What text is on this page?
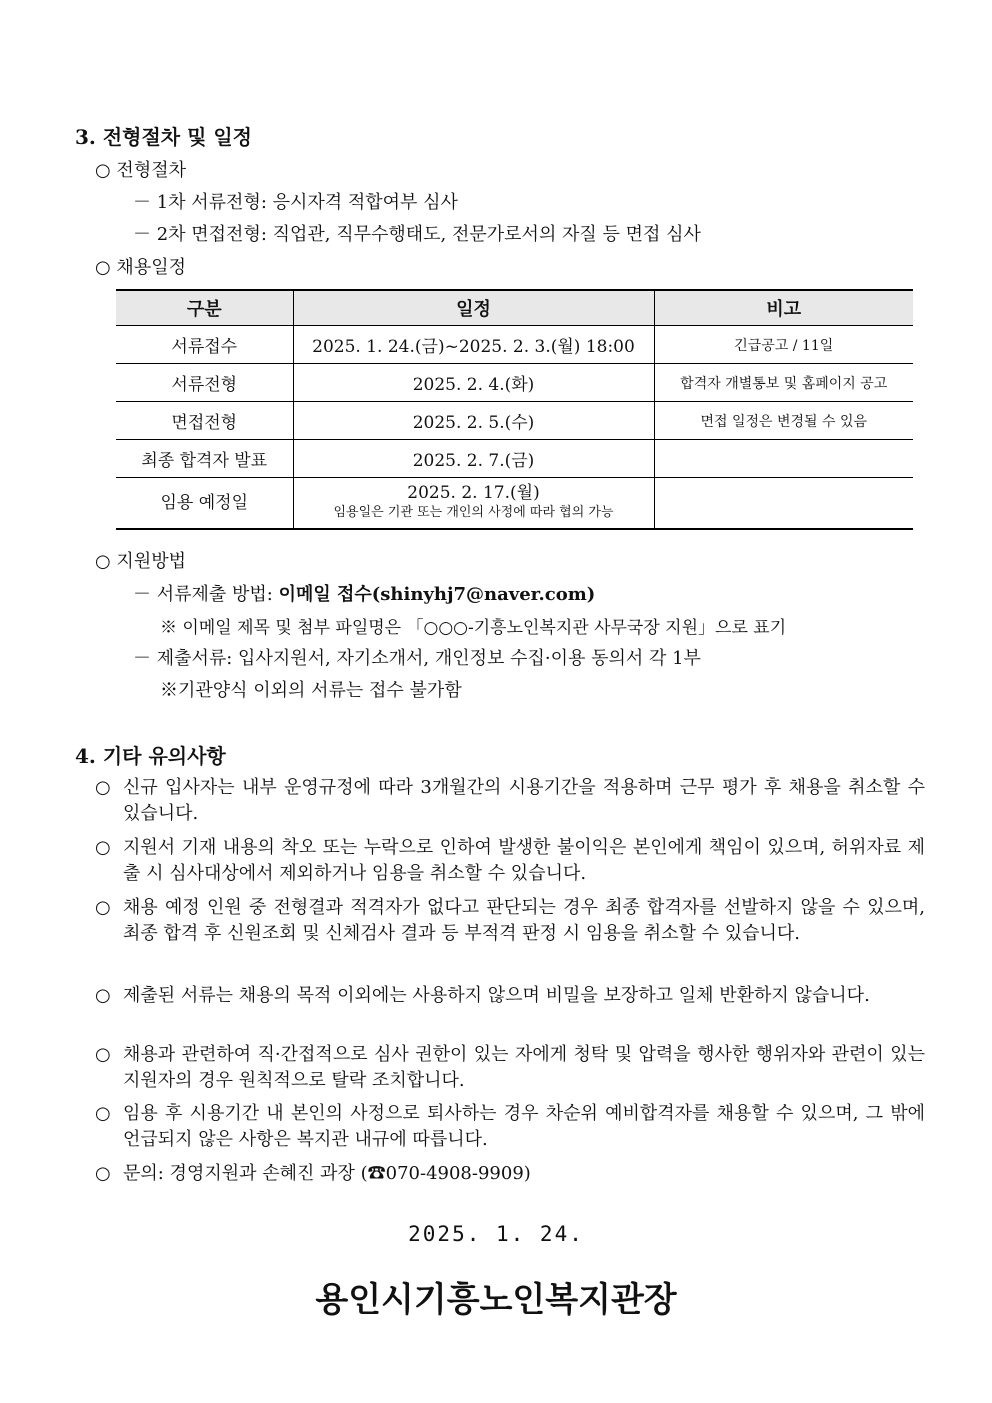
3. 전형절차 및 일정
○ 전형절차
－ 1차 서류전형: 응시자격 적합여부 심사
－ 2차 면접전형: 직업관, 직무수행태도, 전문가로서의 자질 등 면접 심사
○ 채용일정
구분	일정	비고
서류접수	2025. 1. 24.(금)~2025. 2. 3.(월) 18:00	긴급공고 / 11일
서류전형	2025. 2. 4.(화)	합격자 개별통보 및 홈페이지 공고
면접전형	2025. 2. 5.(수)	면접 일정은 변경될 수 있음
최종 합격자 발표	2025. 2. 7.(금)	
임용 예정일	2025. 2. 17.(월)
임용일은 기관 또는 개인의 사정에 따라 협의 가능	

○ 지원방법
－ 서류제출 방법: 이메일 접수(shinyhj7@naver.com)
※ 이메일 제목 및 첨부 파일명은 「○○○-기흥노인복지관 사무국장 지원」으로 표기
－ 제출서류: 입사지원서, 자기소개서, 개인정보 수집·이용 동의서 각 1부
※기관양식 이외의 서류는 접수 불가함
4. 기타 유의사항
○ 신규 입사자는 내부 운영규정에 따라 3개월간의 시용기간을 적용하며 근무 평가 후 채용을 취소할 수 있습니다.
○ 지원서 기재 내용의 착오 또는 누락으로 인하여 발생한 불이익은 본인에게 책임이 있으며, 허위자료 제출 시 심사대상에서 제외하거나 임용을 취소할 수 있습니다.
○ 채용 예정 인원 중 전형결과 적격자가 없다고 판단되는 경우 최종 합격자를 선발하지 않을 수 있으며, 최종 합격 후 신원조회 및 신체검사 결과 등 부적격 판정 시 임용을 취소할 수 있습니다.
○ 제출된 서류는 채용의 목적 이외에는 사용하지 않으며 비밀을 보장하고 일체 반환하지 않습니다.
○ 채용과 관련하여 직·간접적으로 심사 권한이 있는 자에게 청탁 및 압력을 행사한 행위자와 관련이 있는 지원자의 경우 원칙적으로 탈락 조치합니다.
○ 임용 후 시용기간 내 본인의 사정으로 퇴사하는 경우 차순위 예비합격자를 채용할 수 있으며, 그 밖에 언급되지 않은 사항은 복지관 내규에 따릅니다.
○ 문의: 경영지원과 손혜진 과장 (☎070-4908-9909)
2025. 1. 24.
용인시기흥노인복지관장
